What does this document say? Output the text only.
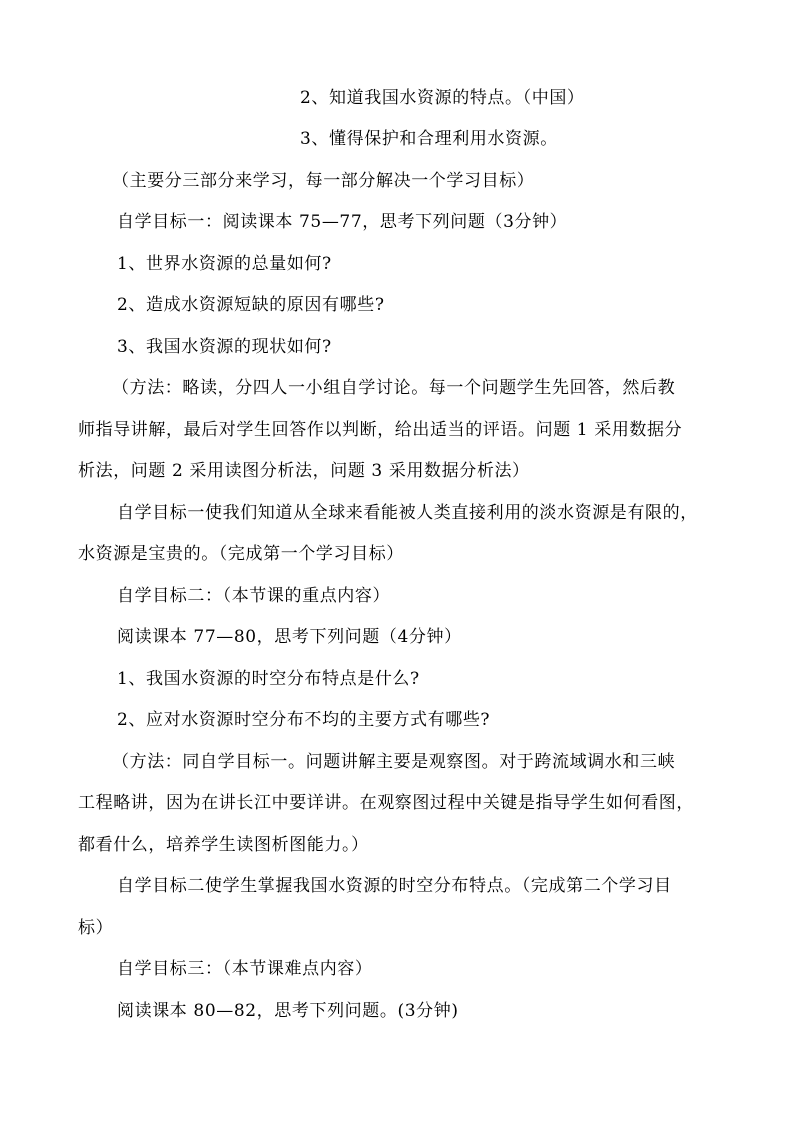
2、知道我国水资源的特点。（中国）
3、懂得保护和合理利用水资源。
（主要分三部分来学习，每一部分解决一个学习目标）
自学目标一：阅读课本 75—77，思考下列问题（3分钟）
1、世界水资源的总量如何?
2、造成水资源短缺的原因有哪些?
3、我国水资源的现状如何?
（方法：略读，分四人一小组自学讨论。每一个问题学生先回答，然后教
师指导讲解，最后对学生回答作以判断，给出适当的评语。问题 1 采用数据分
析法，问题 2 采用读图分析法，问题 3 采用数据分析法）
自学目标一使我们知道从全球来看能被人类直接利用的淡水资源是有限的，
水资源是宝贵的。（完成第一个学习目标）
自学目标二：（本节课的重点内容）
阅读课本 77—80，思考下列问题（4分钟）
1、我国水资源的时空分布特点是什么?
2、应对水资源时空分布不均的主要方式有哪些?
（方法：同自学目标一。问题讲解主要是观察图。对于跨流域调水和三峡
工程略讲，因为在讲长江中要详讲。在观察图过程中关键是指导学生如何看图，
都看什么，培养学生读图析图能力。）
自学目标二使学生掌握我国水资源的时空分布特点。（完成第二个学习目
标）
自学目标三：（本节课难点内容）
阅读课本 80—82，思考下列问题。(3分钟)
